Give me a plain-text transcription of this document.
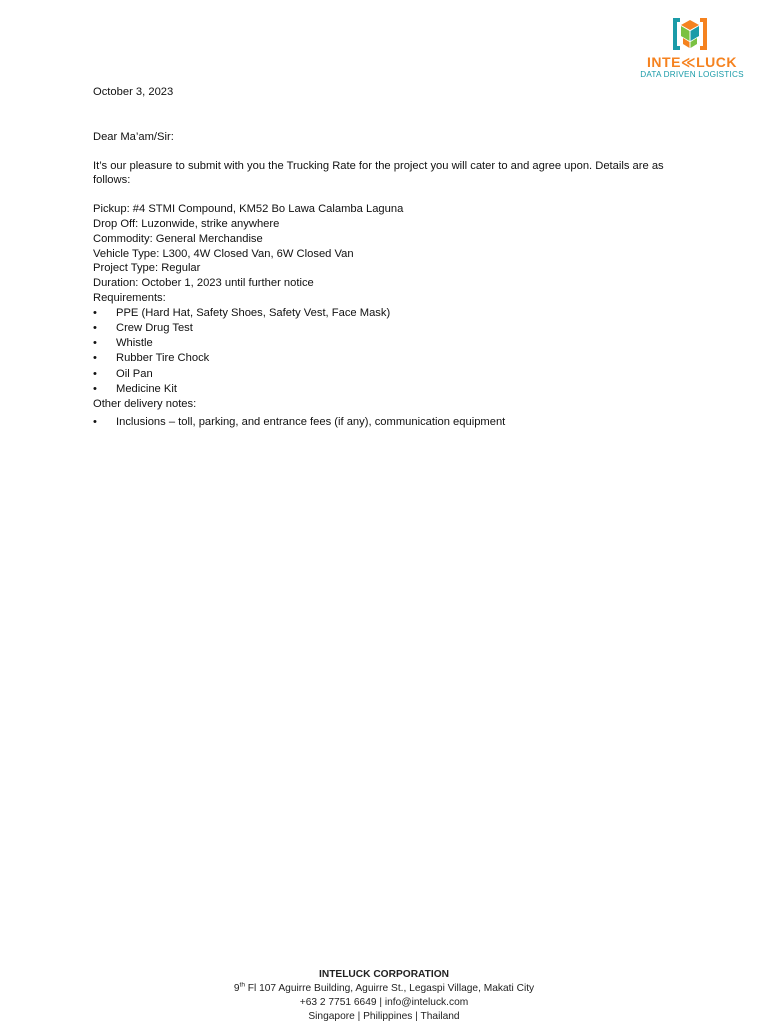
INTE≪LUCK
DATA DRIVEN LOGISTICS
October 3, 2023
Dear Ma’am/Sir:
It’s our pleasure to submit with you the Trucking Rate for the project you will cater to and agree upon. Details are as follows:
Pickup: #4 STMI Compound, KM52 Bo Lawa Calamba Laguna
Drop Off: Luzonwide, strike anywhere
Commodity: General Merchandise
Vehicle Type: L300, 4W Closed Van, 6W Closed Van
Project Type: Regular
Duration: October 1, 2023 until further notice
Requirements:
• PPE (Hard Hat, Safety Shoes, Safety Vest, Face Mask)
• Crew Drug Test
• Whistle
• Rubber Tire Chock
• Oil Pan
• Medicine Kit
Other delivery notes:
• Inclusions – toll, parking, and entrance fees (if any), communication equipment
INTELUCK CORPORATION
9th Fl 107 Aguirre Building, Aguirre St., Legaspi Village, Makati City
+63 2 7751 6649 | info@inteluck.com
Singapore | Philippines | Thailand
